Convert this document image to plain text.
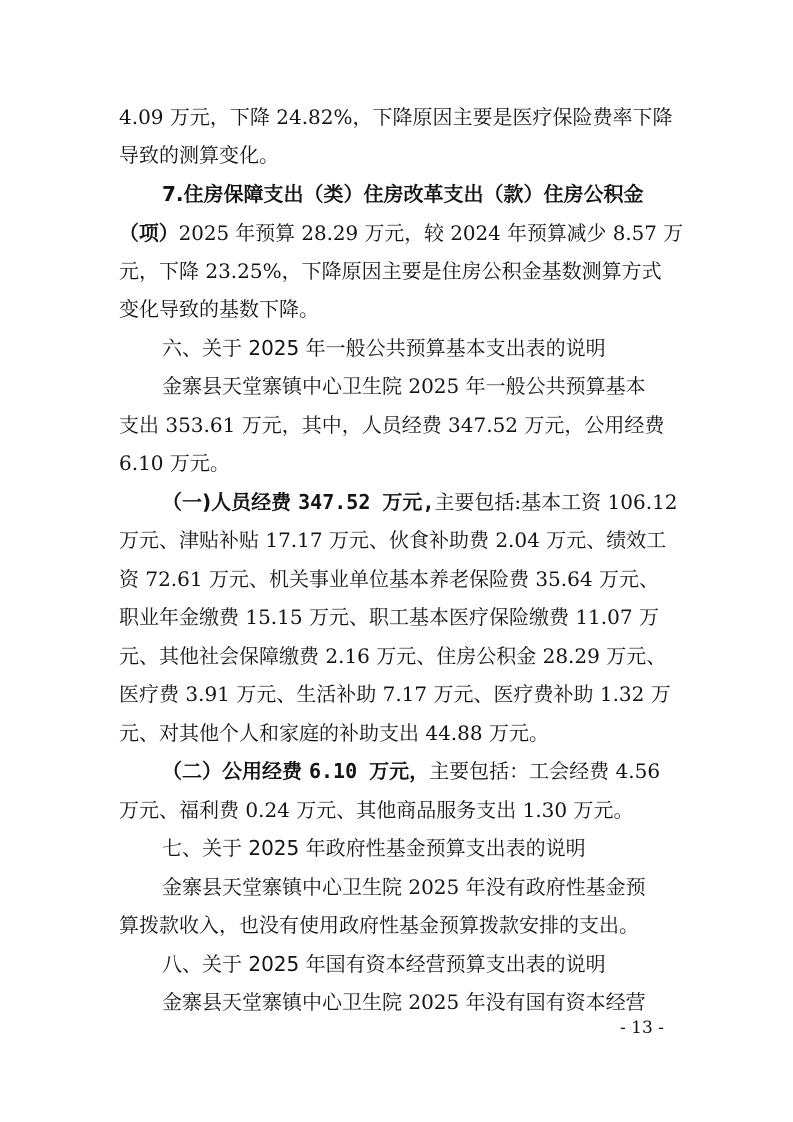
4.09 万元，下降 24.82%，下降原因主要是医疗保险费率下降
导致的测算变化。
7.住房保障支出（类）住房改革支出（款）住房公积金
（项）2025 年预算 28.29 万元，较 2024 年预算减少 8.57 万
元，下降 23.25%，下降原因主要是住房公积金基数测算方式
变化导致的基数下降。
六、关于 2025 年一般公共预算基本支出表的说明
金寨县天堂寨镇中心卫生院 2025 年一般公共预算基本
支出 353.61 万元，其中，人员经费 347.52 万元，公用经费
6.10 万元。
（一)人员经费 347.52 万元,主要包括:基本工资 106.12
万元、津贴补贴 17.17 万元、伙食补助费 2.04 万元、绩效工
资 72.61 万元、机关事业单位基本养老保险费 35.64 万元、
职业年金缴费 15.15 万元、职工基本医疗保险缴费 11.07 万
元、其他社会保障缴费 2.16 万元、住房公积金 28.29 万元、
医疗费 3.91 万元、生活补助 7.17 万元、医疗费补助 1.32 万
元、对其他个人和家庭的补助支出 44.88 万元。
（二）公用经费 6.10 万元，主要包括：工会经费 4.56
万元、福利费 0.24 万元、其他商品服务支出 1.30 万元。
七、关于 2025 年政府性基金预算支出表的说明
金寨县天堂寨镇中心卫生院 2025 年没有政府性基金预
算拨款收入，也没有使用政府性基金预算拨款安排的支出。
八、关于 2025 年国有资本经营预算支出表的说明
金寨县天堂寨镇中心卫生院 2025 年没有国有资本经营
- 13 -
